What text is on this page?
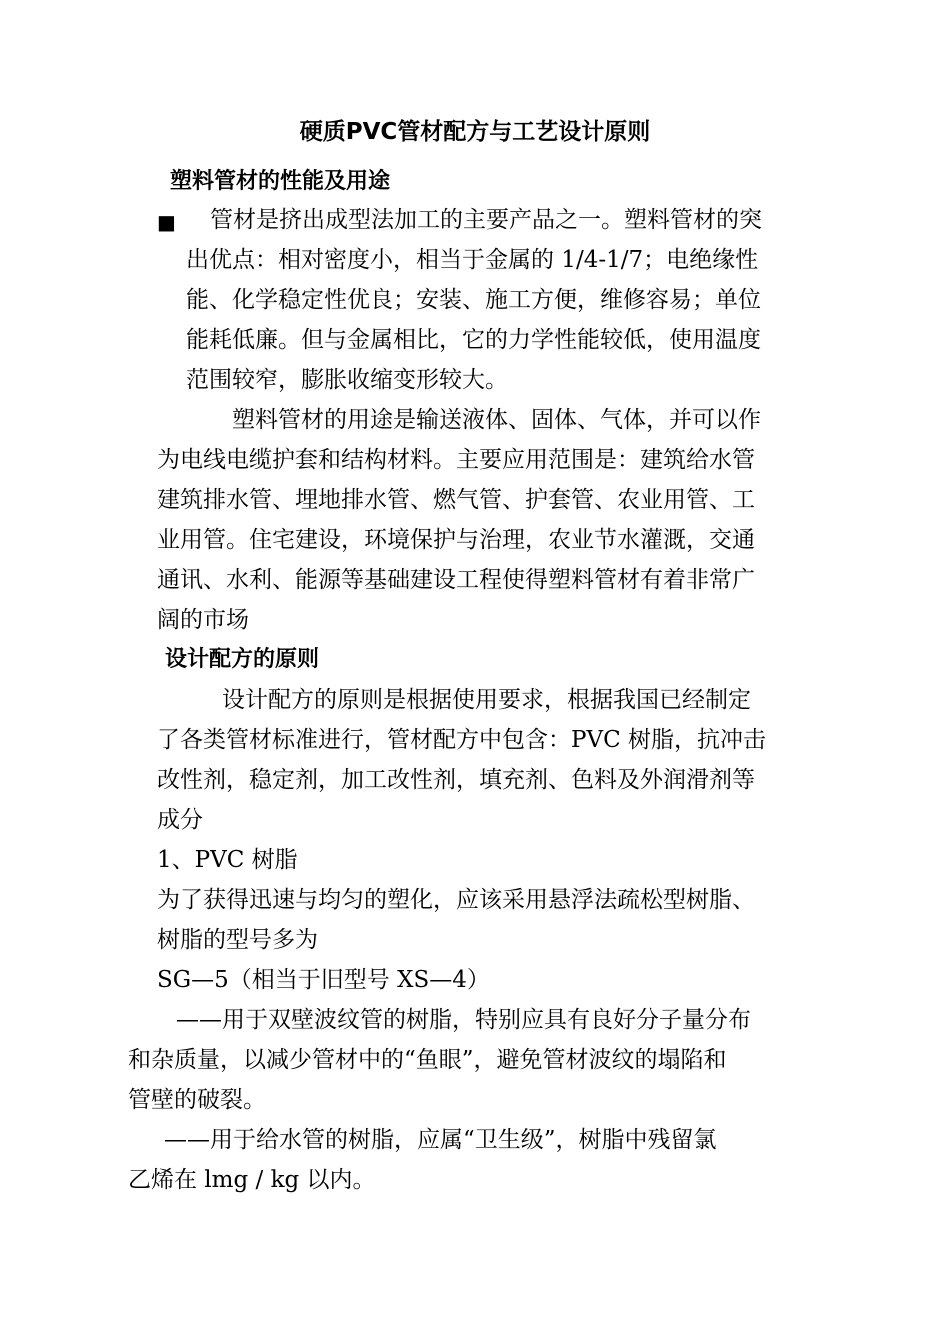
硬质PVC管材配方与工艺设计原则
塑料管材的性能及用途
■ 管材是挤出成型法加工的主要产品之一。塑料管材的突
出优点：相对密度小，相当于金属的 1/4-1/7；电绝缘性
能、化学稳定性优良；安装、施工方便，维修容易；单位
能耗低廉。但与金属相比，它的力学性能较低，使用温度
范围较窄，膨胀收缩变形较大。
塑料管材的用途是输送液体、固体、气体，并可以作
为电线电缆护套和结构材料。主要应用范围是：建筑给水管
建筑排水管、埋地排水管、燃气管、护套管、农业用管、工
业用管。住宅建设，环境保护与治理，农业节水灌溉，交通
通讯、水利、能源等基础建设工程使得塑料管材有着非常广
阔的市场
设计配方的原则
设计配方的原则是根据使用要求，根据我国已经制定
了各类管材标准进行，管材配方中包含：PVC 树脂，抗冲击
改性剂，稳定剂，加工改性剂，填充剂、色料及外润滑剂等
成分
1、PVC 树脂
为了获得迅速与均匀的塑化，应该采用悬浮法疏松型树脂、
树脂的型号多为
SG—5（相当于旧型号 XS—4）
——用于双壁波纹管的树脂，特别应具有良好分子量分布
和杂质量，以减少管材中的“鱼眼”，避免管材波纹的塌陷和
管壁的破裂。
——用于给水管的树脂，应属“卫生级”，树脂中残留氯
乙烯在 lmg / kg 以内。
